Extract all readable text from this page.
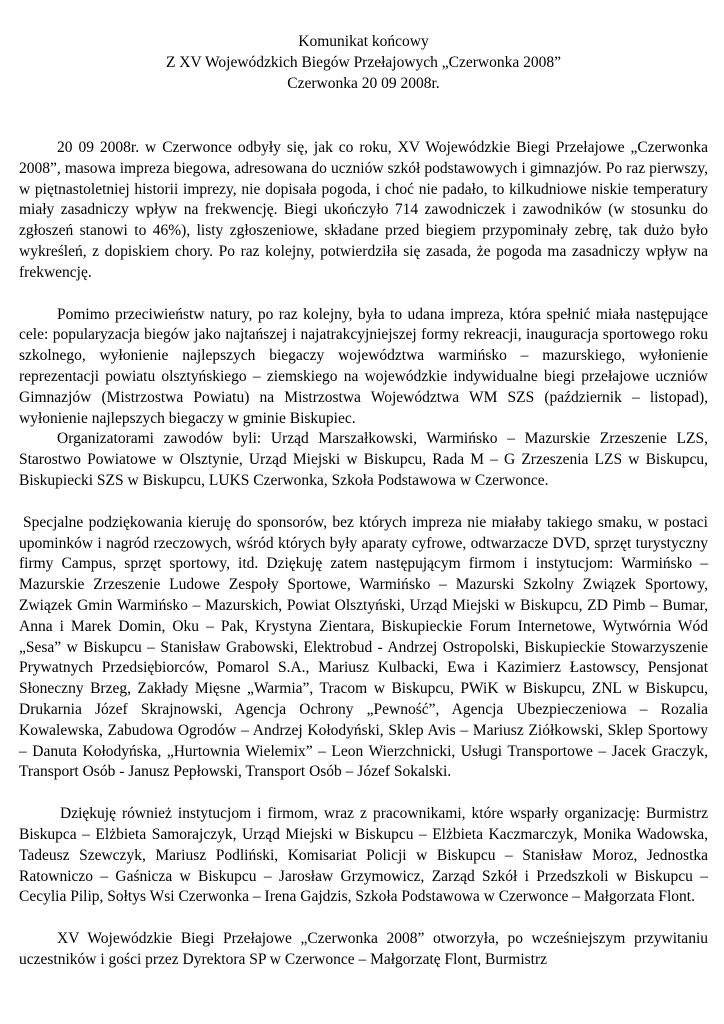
Komunikat końcowy
Z XV Wojewódzkich Biegów Przełajowych „Czerwonka 2008”
Czerwonka 20 09 2008r.

20 09 2008r. w Czerwonce odbyły się, jak co roku, XV Wojewódzkie Biegi Przełajowe „Czerwonka 2008”, masowa impreza biegowa, adresowana do uczniów szkół podstawowych i gimnazjów. Po raz pierwszy, w piętnastoletniej historii imprezy, nie dopisała pogoda, i choć nie padało, to kilkudniowe niskie temperatury miały zasadniczy wpływ na frekwencję. Biegi ukończyło 714 zawodniczek i zawodników (w stosunku do zgłoszeń stanowi to 46%), listy zgłoszeniowe, składane przed biegiem przypominały zebrę, tak dużo było wykreśleń, z dopiskiem chory. Po raz kolejny, potwierdziła się zasada, że pogoda ma zasadniczy wpływ na frekwencję.

Pomimo przeciwieństw natury, po raz kolejny, była to udana impreza, która spełnić miała następujące cele: popularyzacja biegów jako najtańszej i najatrakcyjniejszej formy rekreacji, inauguracja sportowego roku szkolnego, wyłonienie najlepszych biegaczy województwa warmińsko – mazurskiego, wyłonienie reprezentacji powiatu olsztyńskiego – ziemskiego na wojewódzkie indywidualne biegi przełajowe uczniów Gimnazjów (Mistrzostwa Powiatu) na Mistrzostwa Województwa WM SZS (październik – listopad), wyłonienie najlepszych biegaczy w gminie Biskupiec.

Organizatorami zawodów byli: Urząd Marszałkowski, Warmińsko – Mazurskie Zrzeszenie LZS, Starostwo Powiatowe w Olsztynie, Urząd Miejski w Biskupcu, Rada M – G Zrzeszenia LZS w Biskupcu, Biskupiecki SZS w Biskupcu, LUKS Czerwonka, Szkoła Podstawowa w Czerwonce.

Specjalne podziękowania kieruję do sponsorów, bez których impreza nie miałaby takiego smaku, w postaci upominków i nagród rzeczowych, wśród których były aparaty cyfrowe, odtwarzacze DVD, sprzęt turystyczny firmy Campus, sprzęt sportowy, itd. Dziękuję zatem następującym firmom i instytucjom: Warmińsko – Mazurskie Zrzeszenie Ludowe Zespoły Sportowe, Warmińsko – Mazurski Szkolny Związek Sportowy, Związek Gmin Warmińsko – Mazurskich, Powiat Olsztyński, Urząd Miejski w Biskupcu, ZD Pimb – Bumar, Anna i Marek Domin, Oku – Pak, Krystyna Zientara, Biskupieckie Forum Internetowe, Wytwórnia Wód „Sesa” w Biskupcu – Stanisław Grabowski, Elektrobud - Andrzej Ostropolski, Biskupieckie Stowarzyszenie Prywatnych Przedsiębiorców, Pomarol S.A., Mariusz Kulbacki, Ewa i Kazimierz Łastowscy, Pensjonat Słoneczny Brzeg, Zakłady Mięsne „Warmia”, Tracom w Biskupcu, PWiK w Biskupcu, ZNL w Biskupcu, Drukarnia Józef Skrajnowski, Agencja Ochrony „Pewność”, Agencja Ubezpieczeniowa – Rozalia Kowalewska, Zabudowa Ogrodów – Andrzej Kołodyński, Sklep Avis – Mariusz Ziółkowski, Sklep Sportowy – Danuta Kołodyńska, „Hurtownia Wielemix” – Leon Wierzchnicki, Usługi Transportowe – Jacek Graczyk, Transport Osób - Janusz Pepłowski, Transport Osób – Józef Sokalski.

Dziękuję również instytucjom i firmom, wraz z pracownikami, które wsparły organizację: Burmistrz Biskupca – Elżbieta Samorajczyk, Urząd Miejski w Biskupcu – Elżbieta Kaczmarczyk, Monika Wadowska, Tadeusz Szewczyk, Mariusz Podliński, Komisariat Policji w Biskupcu – Stanisław Moroz, Jednostka Ratowniczo – Gaśnicza w Biskupcu – Jarosław Grzymowicz, Zarząd Szkół i Przedszkoli w Biskupcu – Cecylia Pilip, Sołtys Wsi Czerwonka – Irena Gajdzis, Szkoła Podstawowa w Czerwonce – Małgorzata Flont.

XV Wojewódzkie Biegi Przełajowe „Czerwonka 2008” otworzyła, po wcześniejszym przywitaniu uczestników i gości przez Dyrektora SP w Czerwonce – Małgorzatę Flont, Burmistrz
